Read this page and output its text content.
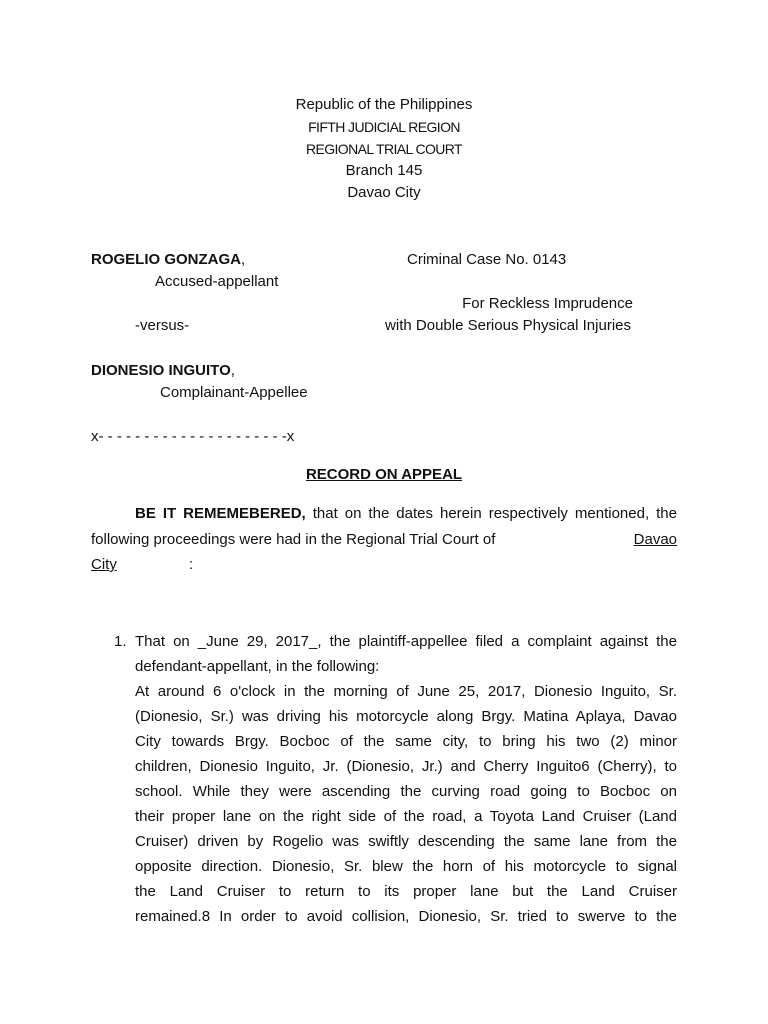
Republic of the Philippines
FIFTH JUDICIAL REGION
REGIONAL TRIAL COURT
Branch 145
Davao City
ROGELIO GONZAGA,
Accused-appellant
-versus-
DIONESIO INGUITO,
Complainant-Appellee
Criminal Case No. 0143
For Reckless Imprudence
with Double Serious Physical Injuries
x- - - - - - - - - - - - - - - - - - - - -x
RECORD ON APPEAL
BE IT REMEMEBERED, that on the dates herein respectively mentioned, the
following proceedings were had in the Regional Trial Court of	Davao
City	:
1. That on _June 29, 2017_, the plaintiff-appellee filed a complaint against the
defendant-appellant, in the following:
At around 6 o'clock in the morning of June 25, 2017, Dionesio Inguito, Sr.
(Dionesio, Sr.) was driving his motorcycle along Brgy. Matina Aplaya, Davao
City towards Brgy. Bocboc of the same city, to bring his two (2) minor
children, Dionesio Inguito, Jr. (Dionesio, Jr.) and Cherry Inguito6 (Cherry), to
school. While they were ascending the curving road going to Bocboc on
their proper lane on the right side of the road, a Toyota Land Cruiser (Land
Cruiser) driven by Rogelio was swiftly descending the same lane from the
opposite direction. Dionesio, Sr. blew the horn of his motorcycle to signal
the Land Cruiser to return to its proper lane but the Land Cruiser
remained.8 In order to avoid collision, Dionesio, Sr. tried to swerve to the
